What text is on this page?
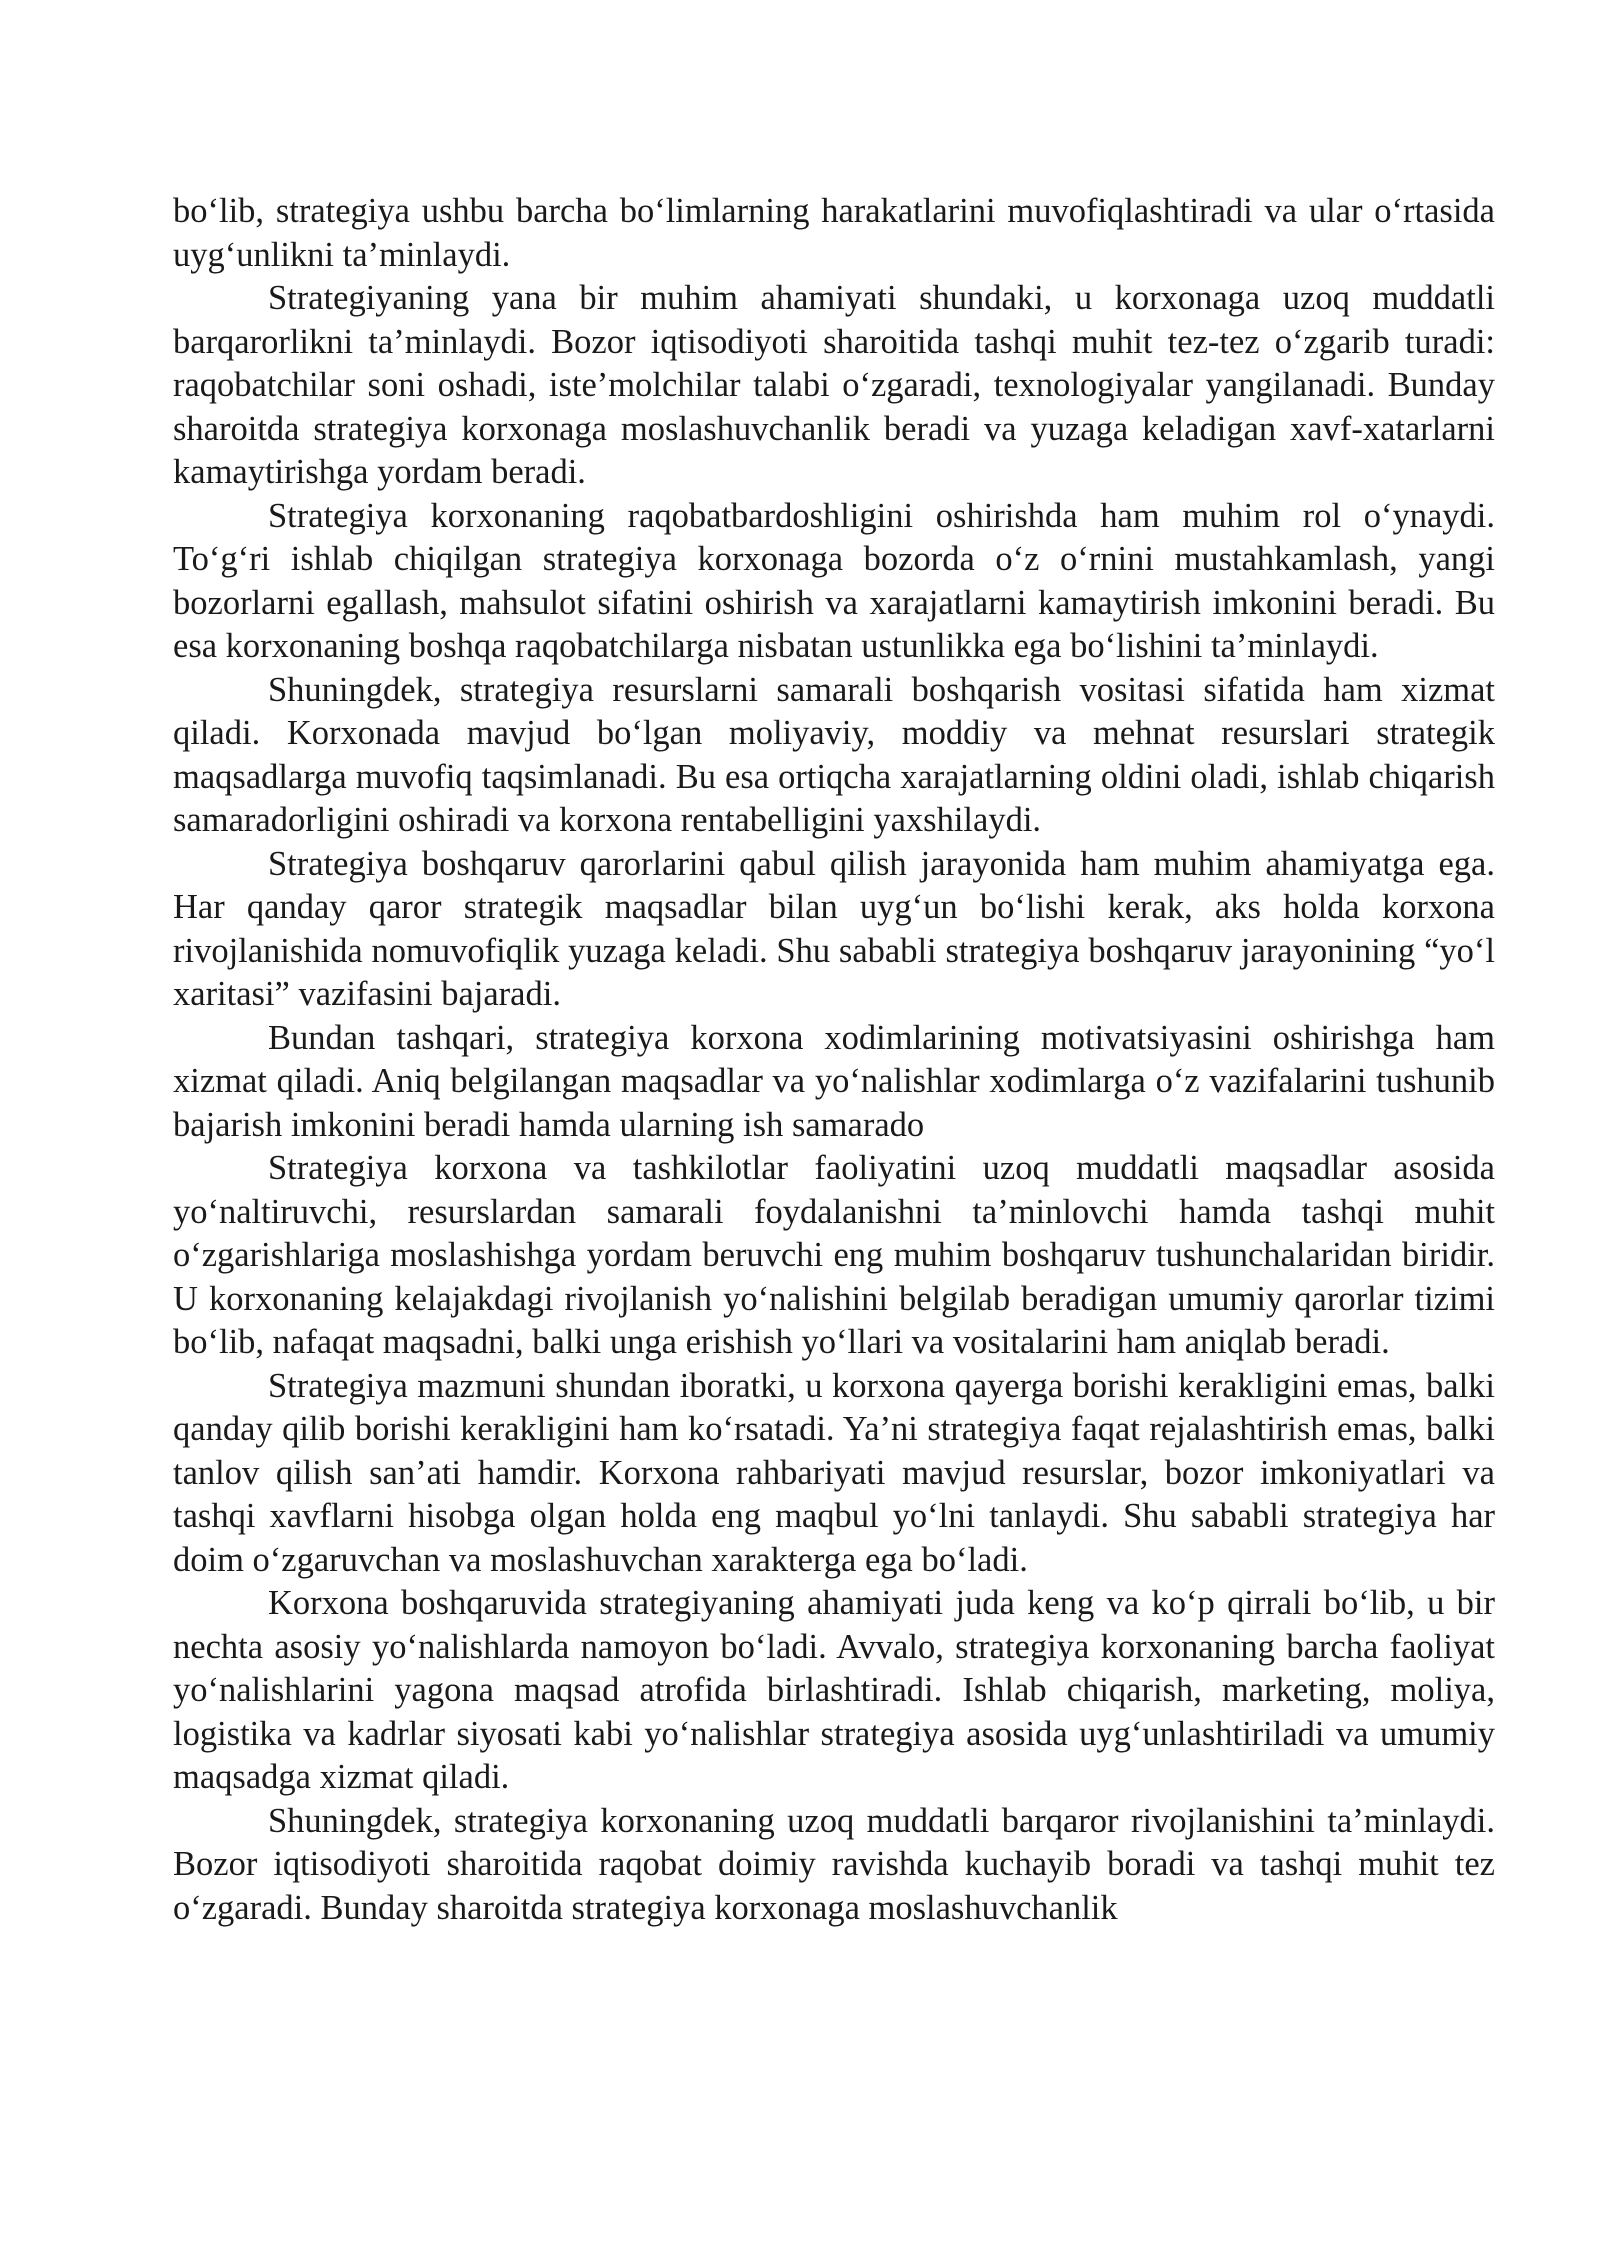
bo‘lib, strategiya ushbu barcha bo‘limlarning harakatlarini muvofiqlashtiradi va ular o‘rtasida uyg‘unlikni ta’minlaydi.

Strategiyaning yana bir muhim ahamiyati shundaki, u korxonaga uzoq muddatli barqarorlikni ta’minlaydi. Bozor iqtisodiyoti sharoitida tashqi muhit tez-tez o‘zgarib turadi: raqobatchilar soni oshadi, iste’molchilar talabi o‘zgaradi, texnologiyalar yangilanadi. Bunday sharoitda strategiya korxonaga moslashuvchanlik beradi va yuzaga keladigan xavf-xatarlarni kamaytirishga yordam beradi.

Strategiya korxonaning raqobatbardoshligini oshirishda ham muhim rol o‘ynaydi. To‘g‘ri ishlab chiqilgan strategiya korxonaga bozorda o‘z o‘rnini mustahkamlash, yangi bozorlarni egallash, mahsulot sifatini oshirish va xarajatlarni kamaytirish imkonini beradi. Bu esa korxonaning boshqa raqobatchilarga nisbatan ustunlikka ega bo‘lishini ta’minlaydi.

Shuningdek, strategiya resurslarni samarali boshqarish vositasi sifatida ham xizmat qiladi. Korxonada mavjud bo‘lgan moliyaviy, moddiy va mehnat resurslari strategik maqsadlarga muvofiq taqsimlanadi. Bu esa ortiqcha xarajatlarning oldini oladi, ishlab chiqarish samaradorligini oshiradi va korxona rentabelligini yaxshilaydi.

Strategiya boshqaruv qarorlarini qabul qilish jarayonida ham muhim ahamiyatga ega. Har qanday qaror strategik maqsadlar bilan uyg‘un bo‘lishi kerak, aks holda korxona rivojlanishida nomuvofiqlik yuzaga keladi. Shu sababli strategiya boshqaruv jarayonining “yo‘l xaritasi” vazifasini bajaradi.

Bundan tashqari, strategiya korxona xodimlarining motivatsiyasini oshirishga ham xizmat qiladi. Aniq belgilangan maqsadlar va yo‘nalishlar xodimlarga o‘z vazifalarini tushunib bajarish imkonini beradi hamda ularning ish samarado

Strategiya korxona va tashkilotlar faoliyatini uzoq muddatli maqsadlar asosida yo‘naltiruvchi, resurslardan samarali foydalanishni ta’minlovchi hamda tashqi muhit o‘zgarishlariga moslashishga yordam beruvchi eng muhim boshqaruv tushunchalaridan biridir. U korxonaning kelajakdagi rivojlanish yo‘nalishini belgilab beradigan umumiy qarorlar tizimi bo‘lib, nafaqat maqsadni, balki unga erishish yo‘llari va vositalarini ham aniqlab beradi.

Strategiya mazmuni shundan iboratki, u korxona qayerga borishi kerakligini emas, balki qanday qilib borishi kerakligini ham ko‘rsatadi. Ya’ni strategiya faqat rejalashtirish emas, balki tanlov qilish san’ati hamdir. Korxona rahbariyati mavjud resurslar, bozor imkoniyatlari va tashqi xavflarni hisobga olgan holda eng maqbul yo‘lni tanlaydi. Shu sababli strategiya har doim o‘zgaruvchan va moslashuvchan xarakterga ega bo‘ladi.

Korxona boshqaruvida strategiyaning ahamiyati juda keng va ko‘p qirrali bo‘lib, u bir nechta asosiy yo‘nalishlarda namoyon bo‘ladi. Avvalo, strategiya korxonaning barcha faoliyat yo‘nalishlarini yagona maqsad atrofida birlashtiradi. Ishlab chiqarish, marketing, moliya, logistika va kadrlar siyosati kabi yo‘nalishlar strategiya asosida uyg‘unlashtiriladi va umumiy maqsadga xizmat qiladi.

Shuningdek, strategiya korxonaning uzoq muddatli barqaror rivojlanishini ta’minlaydi. Bozor iqtisodiyoti sharoitida raqobat doimiy ravishda kuchayib boradi va tashqi muhit tez o‘zgaradi. Bunday sharoitda strategiya korxonaga moslashuvchanlik
